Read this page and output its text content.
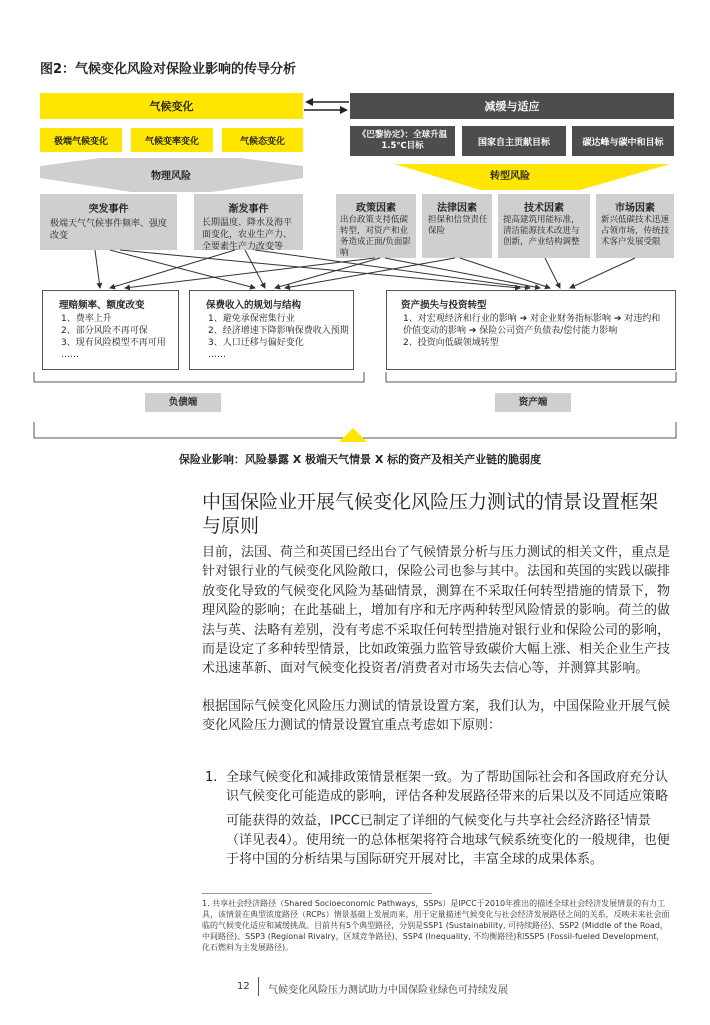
图2：气候变化风险对保险业影响的传导分析
气候变化	减缓与适应
极端气候变化	气候变率变化	气候态变化
《巴黎协定》：全球升温1.5℃目标	国家自主贡献目标	碳达峰与碳中和目标
物理风险	转型风险
突发事件
极端天气气候事件频率、强度改变
渐发事件
长期温度、降水及海平面变化，农业生产力、全要素生产力改变等
政策因素
出台政策支持低碳转型，对资产和业务造成正面/负面影响
法律因素
担保和信贷责任保险
技术因素
提高建筑用能标准，清洁能源技术改进与创新，产业结构调整
市场因素
新兴低碳技术迅速占领市场，传统技术客户发展受限
理赔频率、额度改变
1、费率上升
2、部分风险不再可保
3、现有风险模型不再可用
……
保费收入的规划与结构
1、避免承保密集行业
2、经济增速下降影响保费收入预期
3、人口迁移与偏好变化
……
资产损失与投资转型
1、对宏观经济和行业的影响 ➔ 对企业财务指标影响 ➔ 对违约和价值变动的影响 ➔ 保险公司资产负债表/偿付能力影响
2、投资向低碳领域转型
负债端	资产端
保险业影响：风险暴露 X 极端天气情景 X 标的资产及相关产业链的脆弱度
中国保险业开展气候变化风险压力测试的情景设置框架与原则
目前，法国、荷兰和英国已经出台了气候情景分析与压力测试的相关文件，重点是针对银行业的气候变化风险敞口，保险公司也参与其中。法国和英国的实践以碳排放变化导致的气候变化风险为基础情景，测算在不采取任何转型措施的情景下，物理风险的影响；在此基础上，增加有序和无序两种转型风险情景的影响。荷兰的做法与英、法略有差别，没有考虑不采取任何转型措施对银行业和保险公司的影响，而是设定了多种转型情景，比如政策强力监管导致碳价大幅上涨、相关企业生产技术迅速革新、面对气候变化投资者/消费者对市场失去信心等，并测算其影响。
根据国际气候变化风险压力测试的情景设置方案，我们认为，中国保险业开展气候变化风险压力测试的情景设置宜重点考虑如下原则：
1. 全球气候变化和减排政策情景框架一致。为了帮助国际社会和各国政府充分认识气候变化可能造成的影响，评估各种发展路径带来的后果以及不同适应策略可能获得的效益，IPCC已制定了详细的气候变化与共享社会经济路径$^1$情景（详见表4）。使用统一的总体框架将符合地球气候系统变化的一般规律，也便于将中国的分析结果与国际研究开展对比，丰富全球的成果体系。
1. 共享社会经济路径（Shared Socioeconomic Pathways，SSPs）是IPCC于2010年推出的描述全球社会经济发展情景的有力工具，该情景在典型浓度路径（RCPs）情景基础上发展而来，用于定量描述气候变化与社会经济发展路径之间的关系，反映未来社会面临的气候变化适应和减缓挑战。目前共有5个典型路径，分别是SSP1 (Sustainability, 可持续路径)、SSP2 (Middle of the Road，中间路径)、SSP3 (Regional Rivalry，区域竞争路径)、SSP4 (Inequality, 不均衡路径)和SSP5 (Fossil-fueled Development，化石燃料为主发展路径)。
12 气候变化风险压力测试助力中国保险业绿色可持续发展
